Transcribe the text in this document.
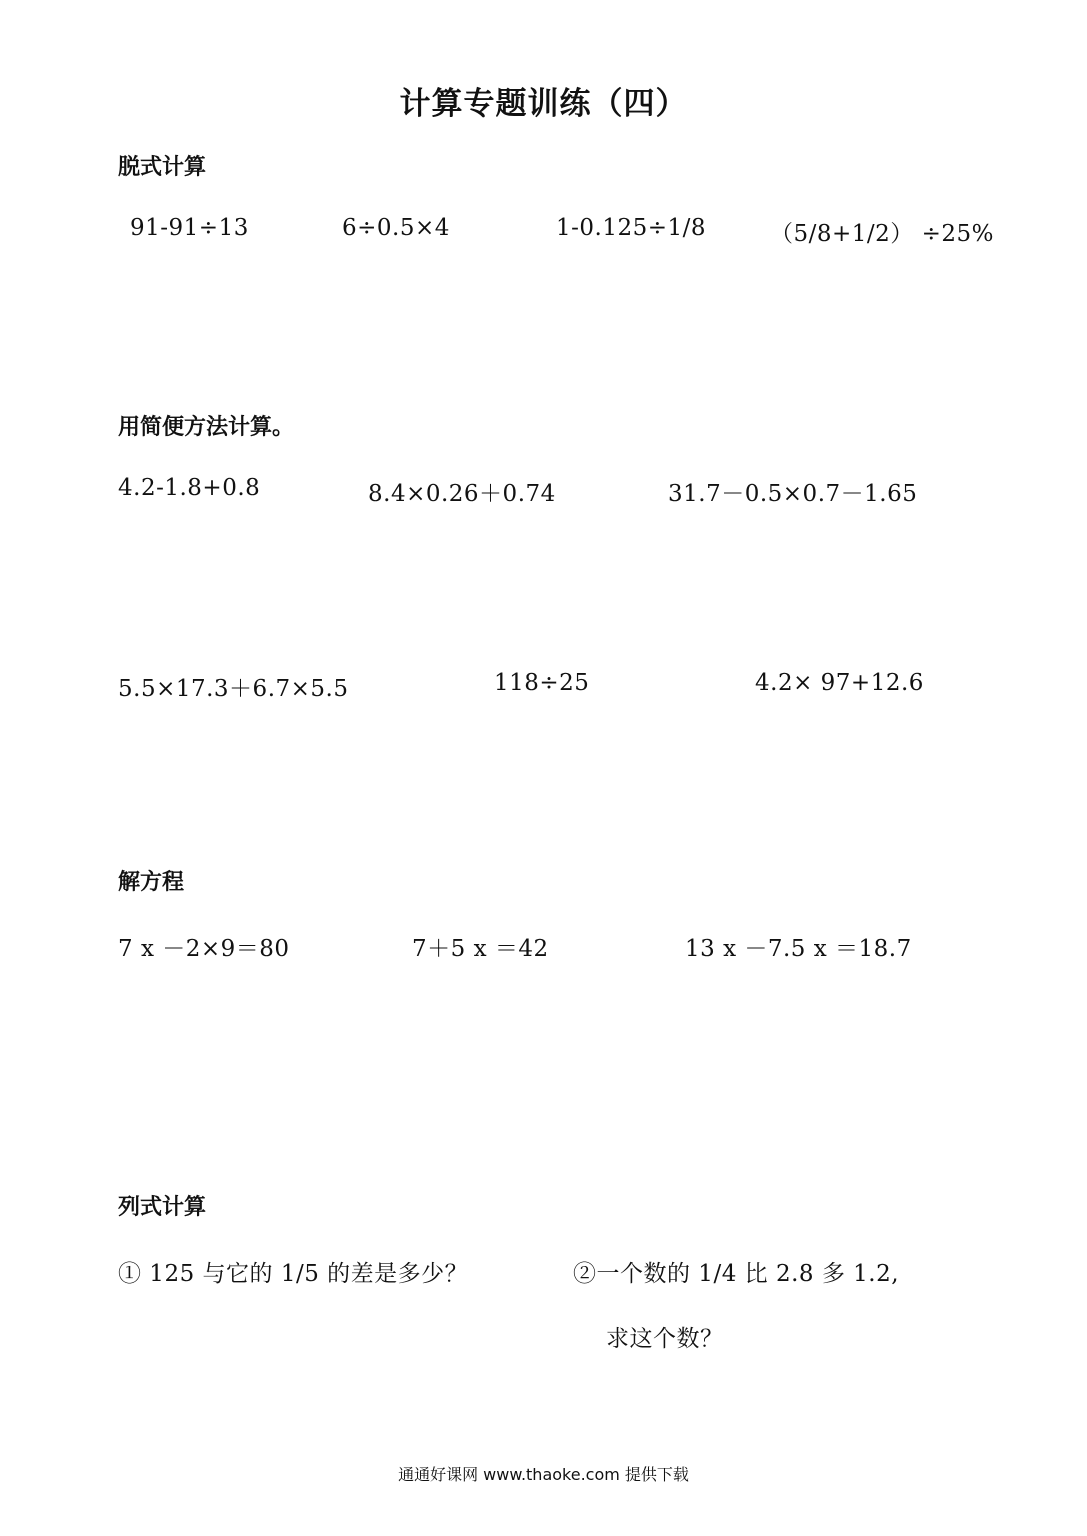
计算专题训练（四）
脱式计算
91-91÷13	6÷0.5×4	1-0.125÷1/8	（5/8+1/2） ÷25%
用简便方法计算。
4.2-1.8+0.8	8.4×0.26＋0.74	31.7－0.5×0.7－1.65
5.5×17.3＋6.7×5.5	118÷25	4.2× 97+12.6
解方程
7 x －2×9＝80	7＋5 x ＝42	13 x －7.5 x ＝18.7
列式计算
① 125 与它的 1/5 的差是多少？	②一个数的 1/4 比 2.8 多 1.2,
求这个数？
通通好课网 www.thaoke.com 提供下载
